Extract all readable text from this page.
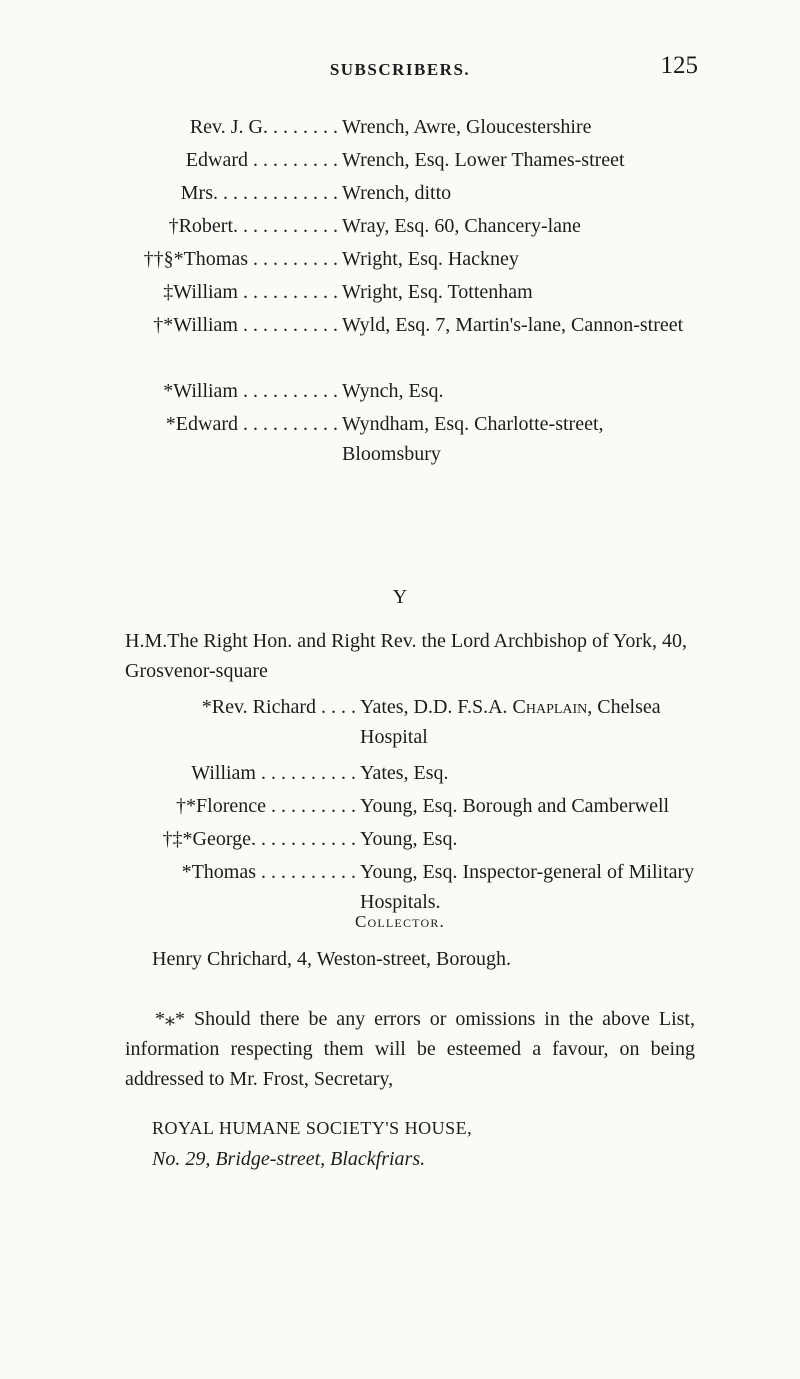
SUBSCRIBERS.	125
Rev. J. G. . . . . . . . Wrench, Awre, Gloucestershire
Edward . . . . . . . . . Wrench, Esq. Lower Thames-street
Mrs. . . . . . . . . . . . . Wrench, ditto
†Robert. . . . . . . . . . . Wray, Esq. 60, Chancery-lane
††§*Thomas . . . . . . . . . Wright, Esq. Hackney
‡William . . . . . . . . . . Wright, Esq. Tottenham
†*William . . . . . . . . . . Wyld, Esq. 7, Martin's-lane, Cannon-street
*William . . . . . . . . . . Wynch, Esq.
*Edward . . . . . . . . . . Wyndham, Esq. Charlotte-street, Bloomsbury
Y
H.M.The Right Hon. and Right Rev. the Lord Archbishop of York, 40, Grosvenor-square
*Rev. Richard . . . . Yates, D.D. F.S.A. Chaplain, Chelsea Hospital
William . . . . . . . . . . Yates, Esq.
†*Florence . . . . . . . . . Young, Esq. Borough and Camberwell
†‡*George. . . . . . . . . . . Young, Esq.
*Thomas . . . . . . . . . . Young, Esq. Inspector-general of Military Hospitals.
Collector.
Henry Chrichard, 4, Weston-street, Borough.
*⁎* Should there be any errors or omissions in the above List, information respecting them will be esteemed a favour, on being addressed to Mr. Frost, Secretary,
ROYAL HUMANE SOCIETY'S HOUSE,
No. 29, Bridge-street, Blackfriars.
